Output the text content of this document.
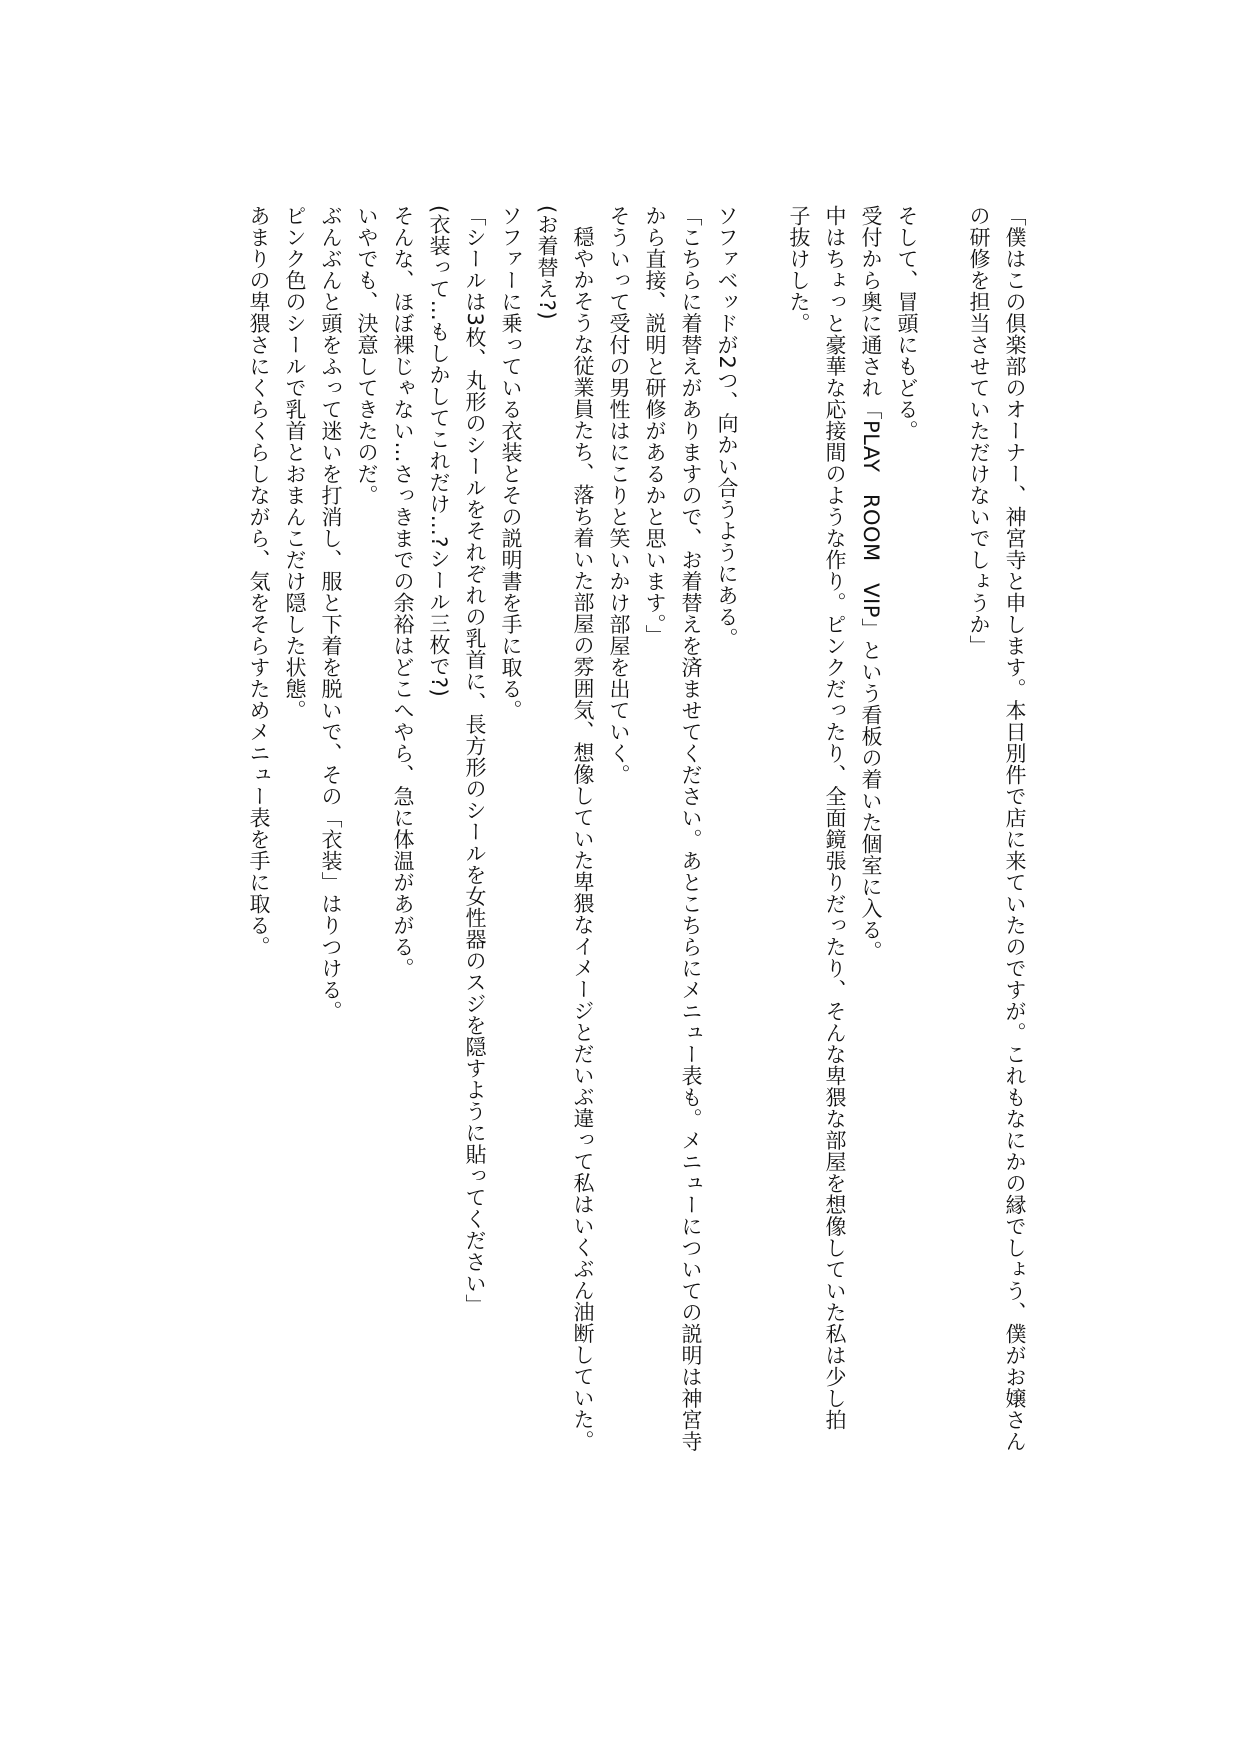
「僕はこの倶楽部のオーナー、神宮寺と申します。本日別件で店に来ていたのですが。これもなにかの縁でしょう、僕がお嬢さん
の研修を担当させていただけないでしょうか」
そして、冒頭にもどる。
受付から奥に通され「PLAY　ROOM　VIP」という看板の着いた個室に入る。
中はちょっと豪華な応接間のような作り。ピンクだったり、全面鏡張りだったり、そんな卑猥な部屋を想像していた私は少し拍
子抜けした。
ソファベッドが2つ、向かい合うようにある。
「こちらに着替えがありますので、お着替えを済ませてください。あとこちらにメニュー表も。メニューについての説明は神宮寺
から直接、説明と研修があるかと思います。」
そういって受付の男性はにこりと笑いかけ部屋を出ていく。
穏やかそうな従業員たち、落ち着いた部屋の雰囲気、想像していた卑猥なイメージとだいぶ違って私はいくぶん油断していた。
(お着替え?)
ソファーに乗っている衣装とその説明書を手に取る。
「シールは3枚、丸形のシールをそれぞれの乳首に、長方形のシールを女性器のスジを隠すように貼ってください」
(衣装って…もしかしてこれだけ…?シール三枚で?)
そんな、ほぼ裸じゃない…さっきまでの余裕はどこへやら、急に体温があがる。
いやでも、決意してきたのだ。
ぶんぶんと頭をふって迷いを打消し、服と下着を脱いで、その「衣装」はりつける。
ピンク色のシールで乳首とおまんこだけ隠した状態。
あまりの卑猥さにくらくらしながら、気をそらすためメニュー表を手に取る。
